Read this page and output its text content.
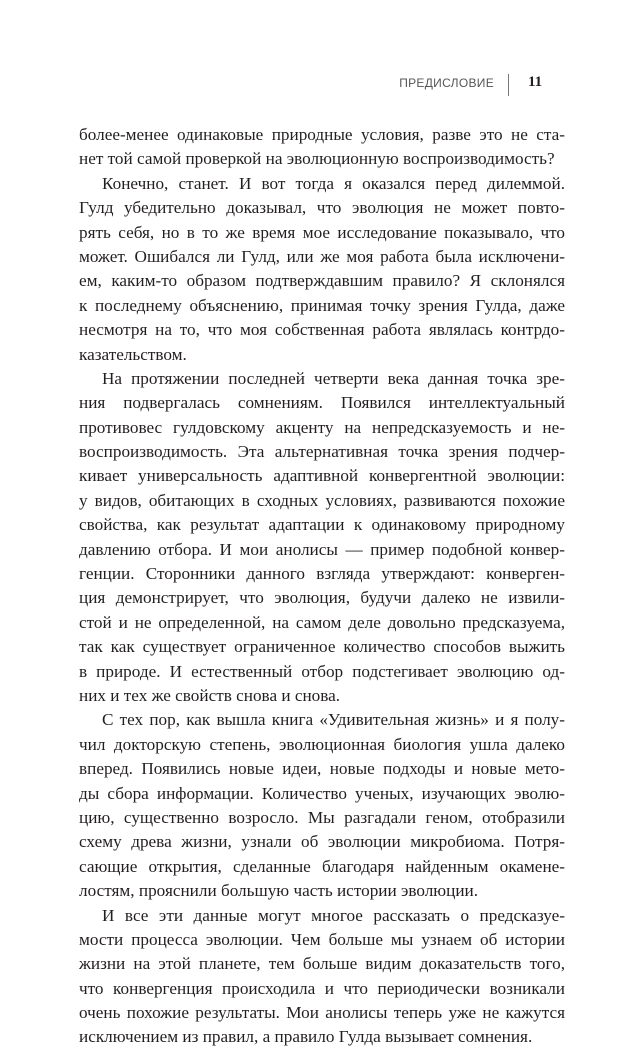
ПРЕДИСЛОВИЕ 11
более-менее одинаковые природные условия, разве это не ста-
нет той самой проверкой на эволюционную воспроизводимость?
Конечно, станет. И вот тогда я оказался перед дилеммой.
Гулд убедительно доказывал, что эволюция не может повто-
рять себя, но в то же время мое исследование показывало, что
может. Ошибался ли Гулд, или же моя работа была исключени-
ем, каким-то образом подтверждавшим правило? Я склонялся
к последнему объяснению, принимая точку зрения Гулда, даже
несмотря на то, что моя собственная работа являлась контрдо-
казательством.
На протяжении последней четверти века данная точка зре-
ния подвергалась сомнениям. Появился интеллектуальный
противовес гулдовскому акценту на непредсказуемость и не-
воспроизводимость. Эта альтернативная точка зрения подчер-
кивает универсальность адаптивной конвергентной эволюции:
у видов, обитающих в сходных условиях, развиваются похожие
свойства, как результат адаптации к одинаковому природному
давлению отбора. И мои анолисы — пример подобной конвер-
генции. Сторонники данного взгляда утверждают: конверген-
ция демонстрирует, что эволюция, будучи далеко не извили-
стой и не определенной, на самом деле довольно предсказуема,
так как существует ограниченное количество способов выжить
в природе. И естественный отбор подстегивает эволюцию од-
них и тех же свойств снова и снова.
С тех пор, как вышла книга «Удивительная жизнь» и я полу-
чил докторскую степень, эволюционная биология ушла далеко
вперед. Появились новые идеи, новые подходы и новые мето-
ды сбора информации. Количество ученых, изучающих эволю-
цию, существенно возросло. Мы разгадали геном, отобразили
схему древа жизни, узнали об эволюции микробиома. Потря-
сающие открытия, сделанные благодаря найденным окамене-
лостям, прояснили большую часть истории эволюции.
И все эти данные могут многое рассказать о предсказуе-
мости процесса эволюции. Чем больше мы узнаем об истории
жизни на этой планете, тем больше видим доказательств того,
что конвергенция происходила и что периодически возникали
очень похожие результаты. Мои анолисы теперь уже не кажутся
исключением из правил, а правило Гулда вызывает сомнения.
